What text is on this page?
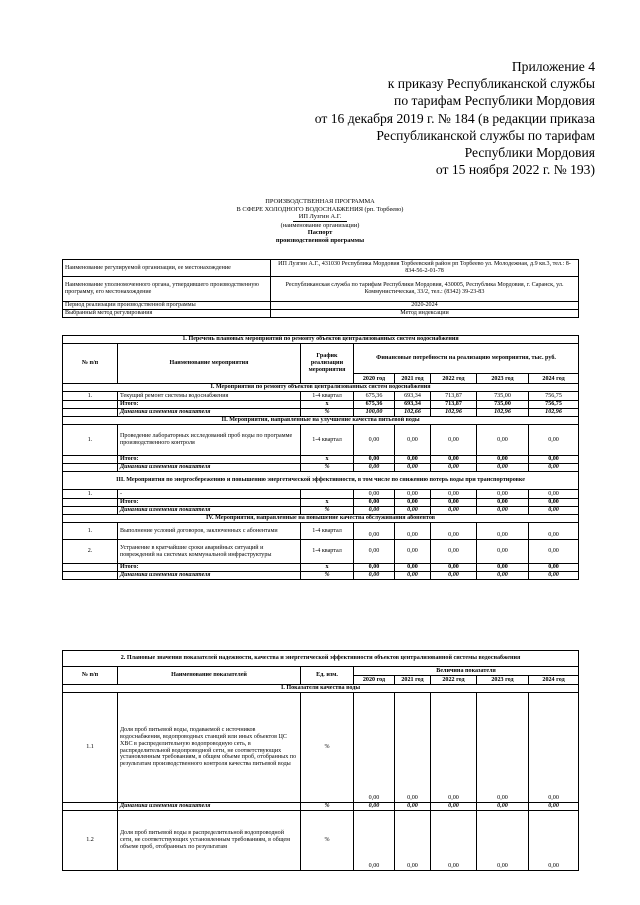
Приложение 4
к приказу Республиканской службы
по тарифам Республики Мордовия
от 16 декабря 2019 г. № 184 (в редакции приказа
Республиканской службы по тарифам
Республики Мордовия
от 15 ноября 2022 г. № 193)
ПРОИЗВОДСТВЕННАЯ ПРОГРАММА
В СФЕРЕ ХОЛОДНОГО ВОДОСНАБЖЕНИЯ (рп. Торбеево)
ИП Лузгин А.Г.
(наименование организации)
Паспорт
производственной программы
Наименование регулируемой организации, ее местонахождение	ИП Лузгин А.Г., 431030 Республика Мордовия Торбеевский район рп Торбеево ул. Молодежная, д.9 кв.3, тел.: 8-834-56-2-01-78
Наименование уполномоченного органа, утвердившего производственную программу, его местонахождение	Республиканская служба по тарифам Республики Мордовия, 430005, Республика Мордовия, г. Саранск, ул. Коммунистическая, 33/2, тел.: (8342) 39-23-83
Период реализации производственной программы	2020-2024
Выбранный метод регулирования	Метод индексации
1. Перечень плановых мероприятий по ремонту объектов централизованных систем водоснабжения							
№ п/п	Наименование мероприятия	График реализации мероприятия	Финансовые потребности на реализацию мероприятия, тыс. руб.				
			2020 год	2021 год	2022 год	2023 год	2024 год
I. Мероприятия по ремонту объектов централизованных систем водоснабжения							
1.	Текущий ремонт системы водоснабжения	1-4 квартал	675,36	693,34	713,87	735,00	756,75
	Итого:	х	675,36	693,34	713,87	735,00	756,75
	Динамика изменения показателя	%	100,00	102,66	102,96	102,96	102,96
II. Мероприятия, направленные на улучшение качества питьевой воды							
1.	Проведение лабораторных исследований проб воды по программе производственного контроля	1-4 квартал	0,00	0,00	0,00	0,00	0,00
	Итого:	х	0,00	0,00	0,00	0,00	0,00
	Динамика изменения показателя	%	0,00	0,00	0,00	0,00	0,00
III. Мероприятия по энергосбережению и повышению энергетической эффективности, в том числе по снижению потерь воды при транспортировке							
1.	-		0,00	0,00	0,00	0,00	0,00
	Итого:	х	0,00	0,00	0,00	0,00	0,00
	Динамика изменения показателя	%	0,00	0,00	0,00	0,00	0,00
IV. Мероприятия, направленные на повышение качества обслуживания абонентов							
1.	Выполнение условий договоров, заключенных с абонентами	1-4 квартал	0,00	0,00	0,00	0,00	0,00
2.	Устранение в кратчайшие сроки аварийных ситуаций и повреждений на системах коммунальной инфраструктуры	1-4 квартал	0,00	0,00	0,00	0,00	0,00
	Итого:	х	0,00	0,00	0,00	0,00	0,00
	Динамика изменения показателя	%	0,00	0,00	0,00	0,00	0,00
2. Плановые значения показателей надежности, качества и энергетической эффективности объектов централизованной системы водоснабжения							
№ п/п	Наименование показателей	Ед. изм.	Величина показателя				
			2020 год	2021 год	2022 год	2023 год	2024 год
I. Показатели качества воды							
1.1	Доля проб питьевой воды, подаваемой с источников водоснабжения, водопроводных станций или иных объектов ЦС ХВС в распределительную водопроводную сеть, в распределительной водопроводной сети, не соответствующих установленным требованиям, в общем объеме проб, отобранных по результатам производственного контроля качества питьевой воды	%	0,00	0,00	0,00	0,00	0,00
	Динамика изменения показателя	%	0,00	0,00	0,00	0,00	0,00
1.2	Доля проб питьевой воды в распределительной водопроводной сети, не соответствующих установленным требованиям, в общем объеме проб, отобранных по результатам	%	0,00	0,00	0,00	0,00	0,00
